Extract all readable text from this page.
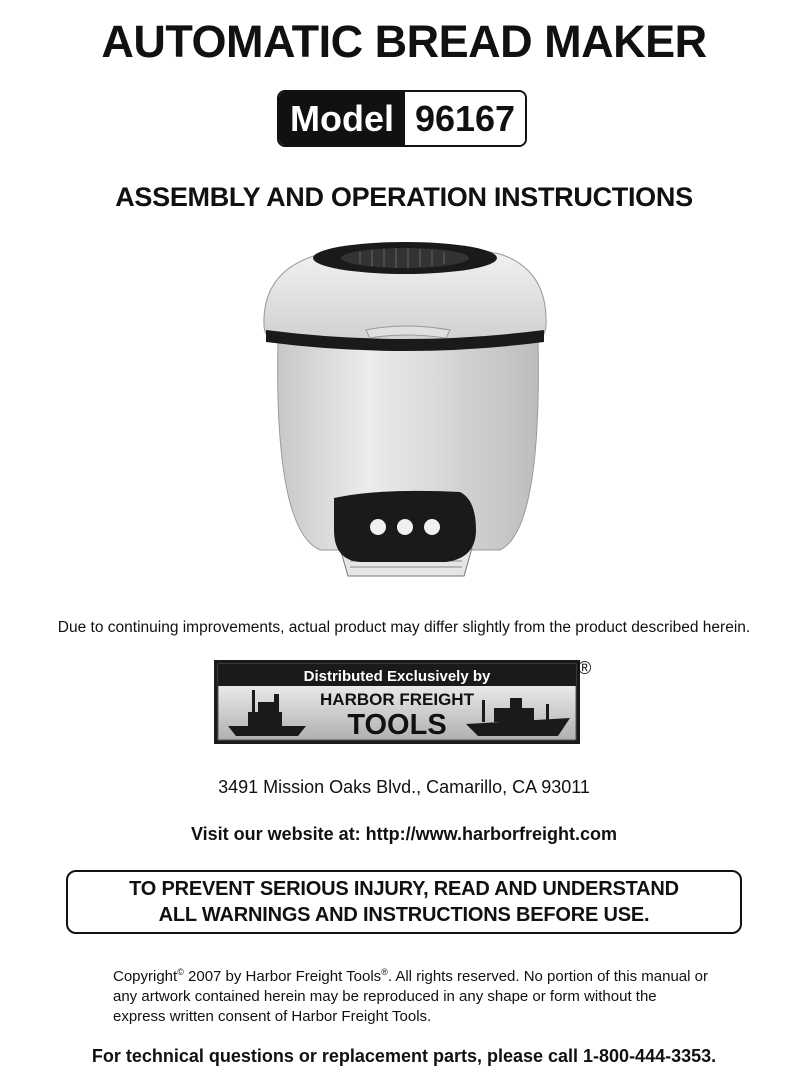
AUTOMATIC BREAD MAKER
Model 96167
ASSEMBLY AND OPERATION INSTRUCTIONS
Due to continuing improvements, actual product may differ slightly from the product described herein.
Distributed Exclusively by
HARBOR FREIGHT
TOOLS
®
3491 Mission Oaks Blvd., Camarillo, CA 93011
Visit our website at: http://www.harborfreight.com
TO PREVENT SERIOUS INJURY, READ AND UNDERSTAND
ALL WARNINGS AND INSTRUCTIONS BEFORE USE.
Copyright© 2007 by Harbor Freight Tools®. All rights reserved. No portion of this manual or any artwork contained herein may be reproduced in any shape or form without the express written consent of Harbor Freight Tools.
For technical questions or replacement parts, please call 1-800-444-3353.
